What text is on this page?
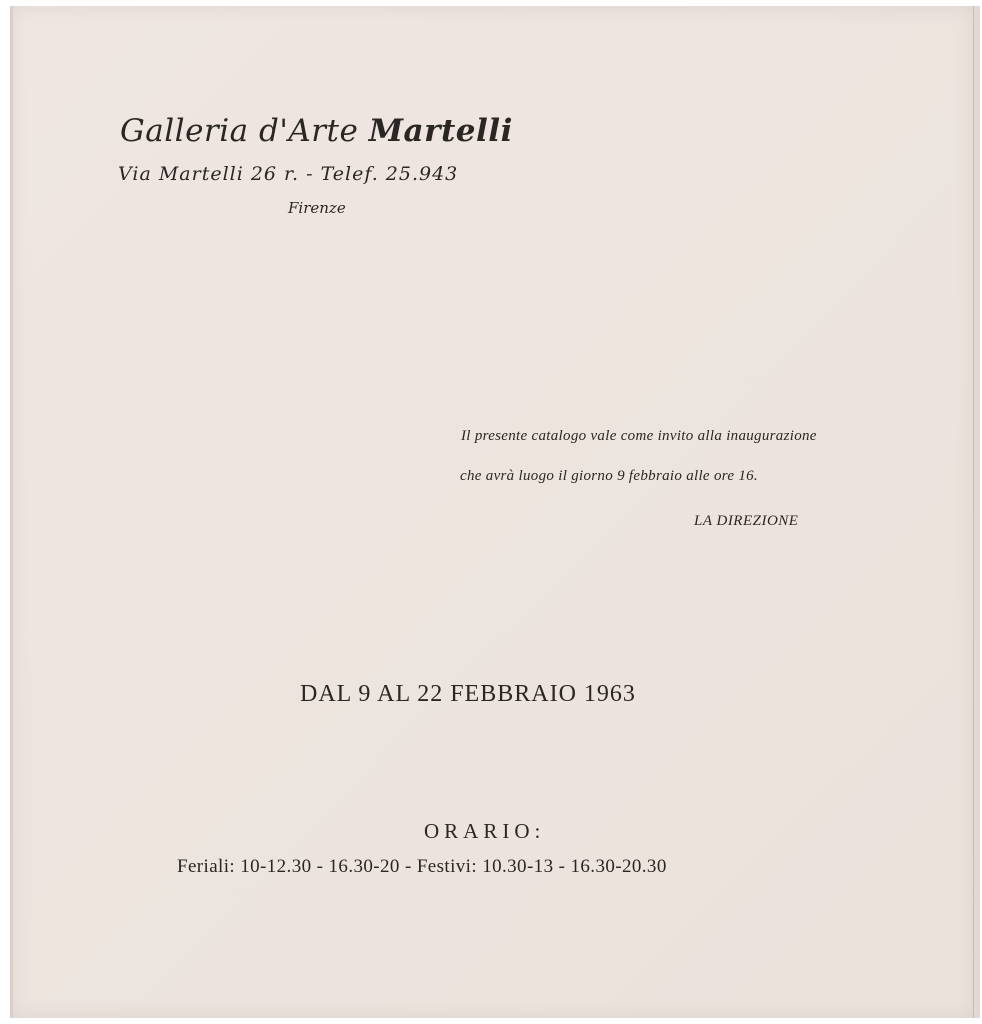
Galleria d'Arte Martelli
Via Martelli 26 r. - Telef. 25.943
Firenze
Il presente catalogo vale come invito alla inaugurazione
che avrà luogo il giorno 9 febbraio alle ore 16.
LA DIREZIONE
DAL 9 AL 22 FEBBRAIO 1963
ORARIO:
Feriali: 10-12.30 - 16.30-20 - Festivi: 10.30-13 - 16.30-20.30
